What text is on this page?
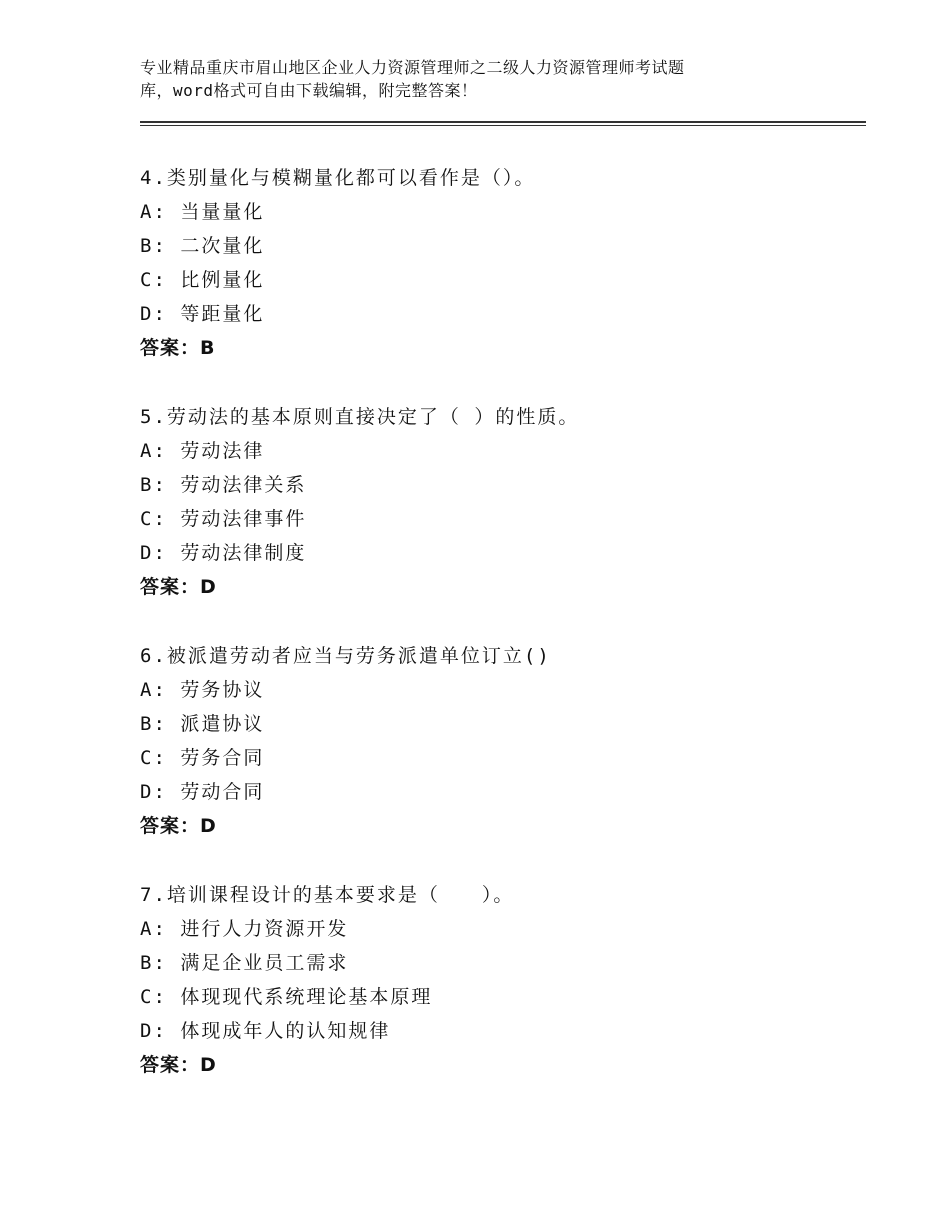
专业精品重庆市眉山地区企业人力资源管理师之二级人力资源管理师考试题
库，word格式可自由下载编辑，附完整答案！
4.类别量化与模糊量化都可以看作是（）。
A: 当量量化
B: 二次量化
C: 比例量化
D: 等距量化
答案：B
5.劳动法的基本原则直接决定了（ ）的性质。
A: 劳动法律
B: 劳动法律关系
C: 劳动法律事件
D: 劳动法律制度
答案：D
6.被派遣劳动者应当与劳务派遣单位订立()
A: 劳务协议
B: 派遣协议
C: 劳务合同
D: 劳动合同
答案：D
7.培训课程设计的基本要求是（　　）。
A: 进行人力资源开发
B: 满足企业员工需求
C: 体现现代系统理论基本原理
D: 体现成年人的认知规律
答案：D
